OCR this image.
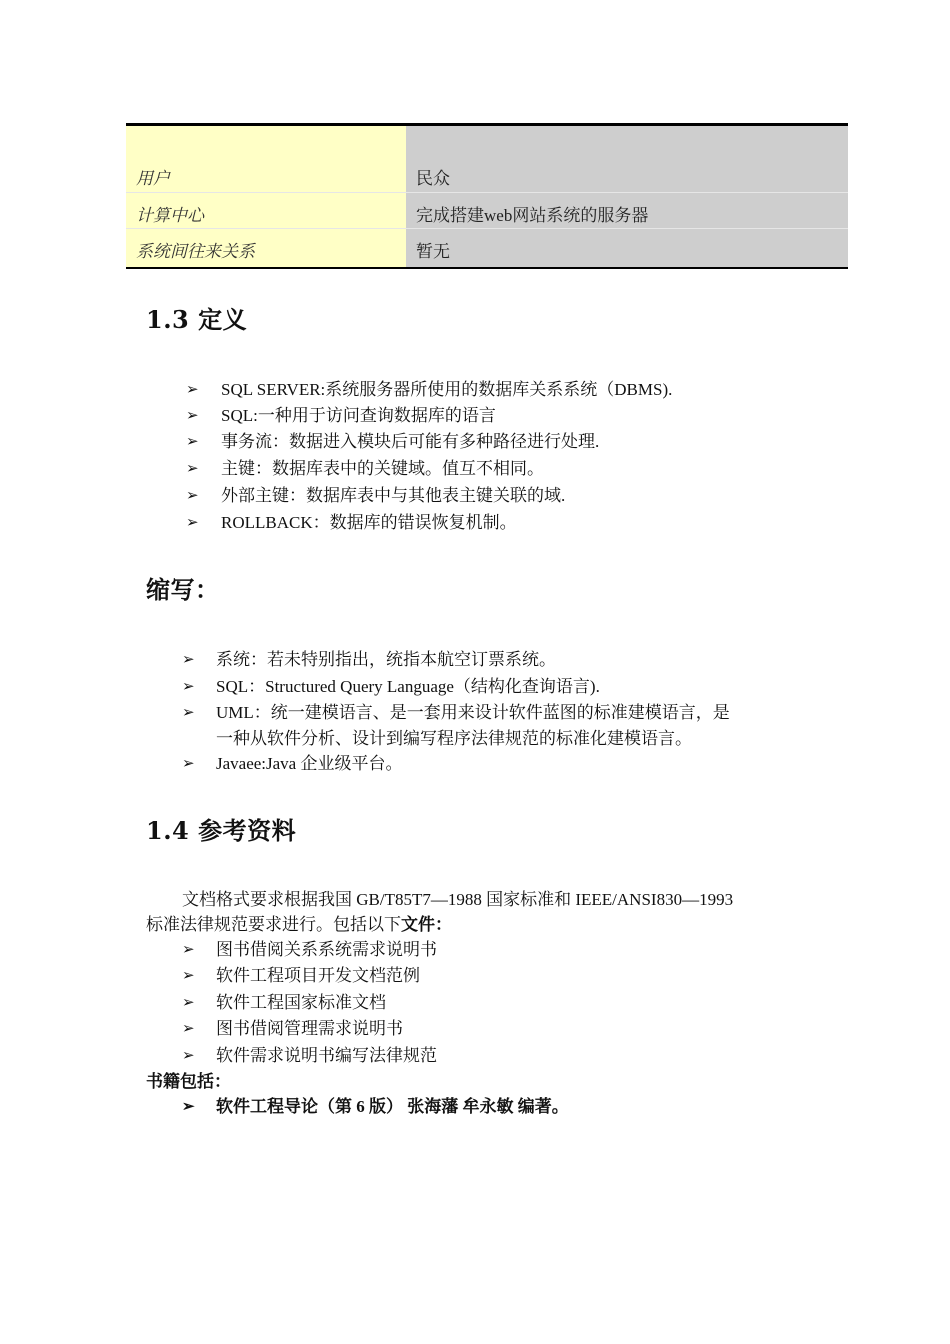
用户	民众
计算中心	完成搭建web网站系统的服务器
系统间往来关系	暂无
1.3 定义
➢ SQL SERVER:系统服务器所使用的数据库关系系统（DBMS).
➢ SQL:一种用于访问查询数据库的语言
➢ 事务流：数据进入模块后可能有多种路径进行处理.
➢ 主键：数据库表中的关键域。值互不相同。
➢ 外部主键：数据库表中与其他表主键关联的域.
➢ ROLLBACK：数据库的错误恢复机制。
缩写：
➢ 系统：若未特别指出，统指本航空订票系统。
➢ SQL：Structured Query Language（结构化查询语言).
➢ UML：统一建模语言、是一套用来设计软件蓝图的标准建模语言，是
一种从软件分析、设计到编写程序法律规范的标准化建模语言。
➢ Javaee:Java 企业级平台。
1.4 参考资料
文档格式要求根据我国 GB/T85T7—1988 国家标准和 IEEE/ANSI830—1993
标准法律规范要求进行。包括以下文件：
➢ 图书借阅关系系统需求说明书
➢ 软件工程项目开发文档范例
➢ 软件工程国家标准文档
➢ 图书借阅管理需求说明书
➢ 软件需求说明书编写法律规范
书籍包括：
➢ 软件工程导论（第 6 版） 张海藩 牟永敏 编著。
